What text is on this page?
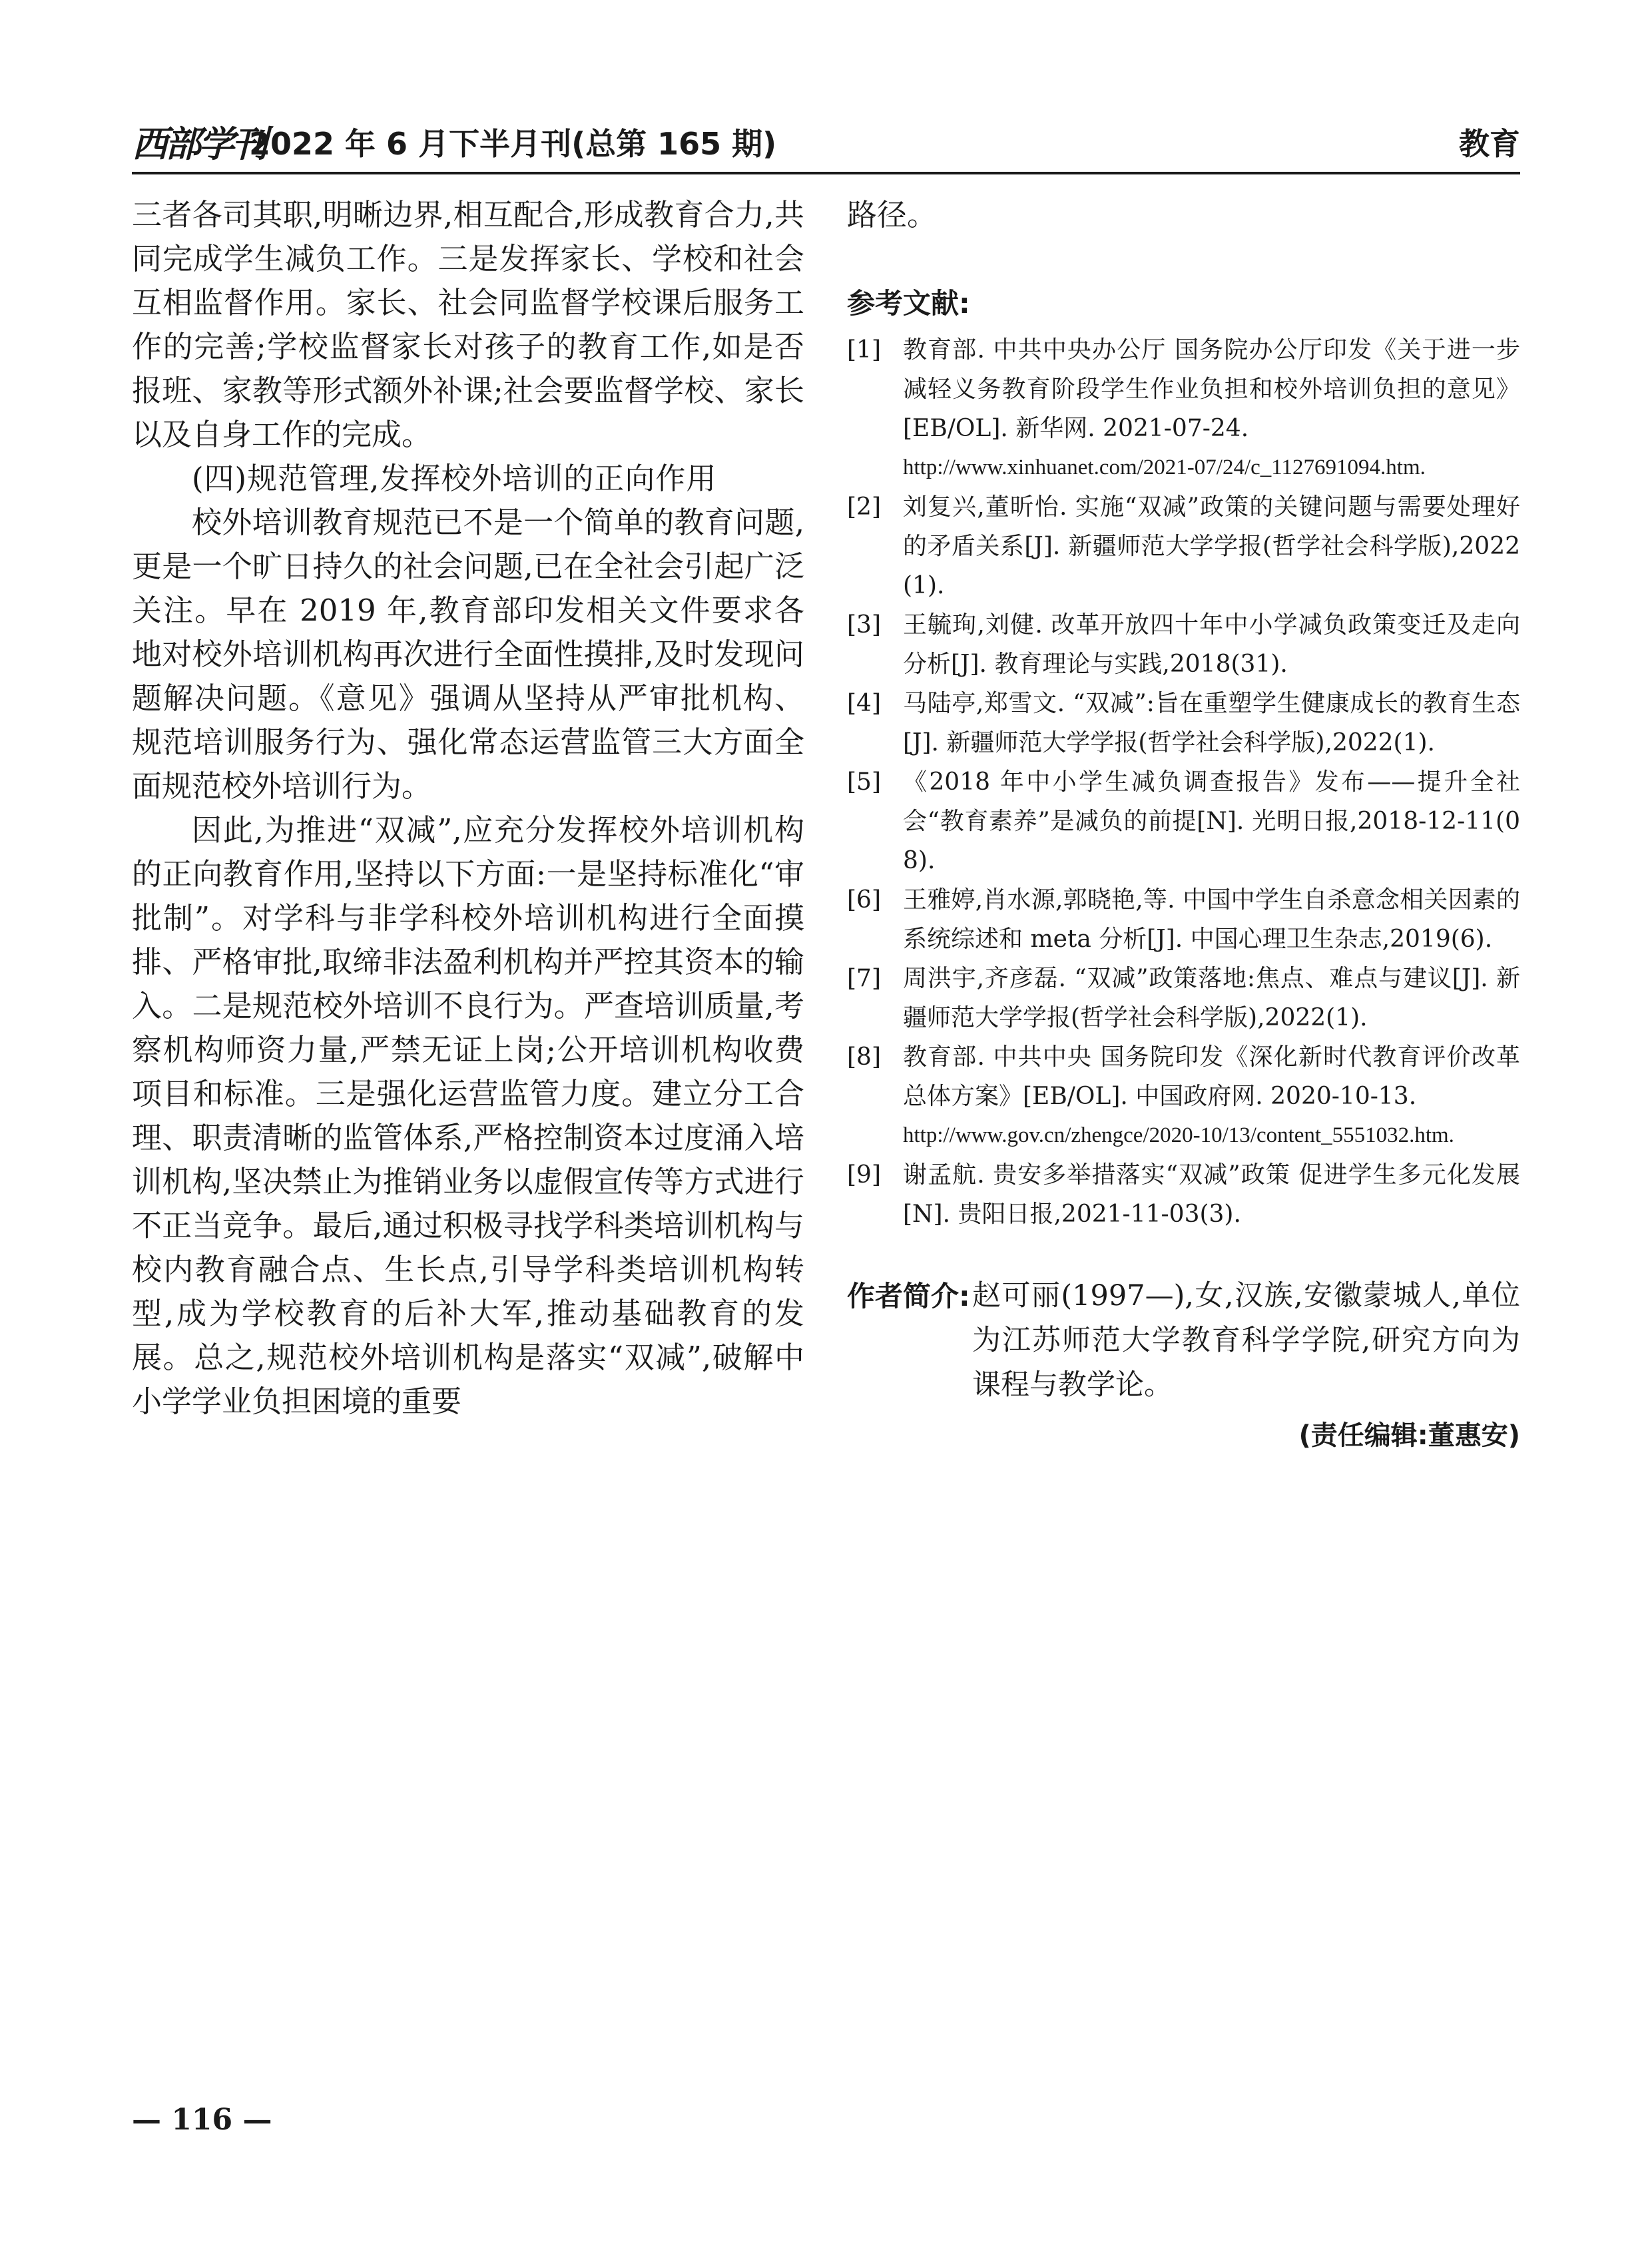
西部学刊
2022 年 6 月下半月刊(总第 165 期)	教育

三者各司其职,明晰边界,相互配合,形成教育合力,共同完成学生减负工作。三是发挥家长、学校和社会互相监督作用。家长、社会同监督学校课后服务工作的完善;学校监督家长对孩子的教育工作,如是否报班、家教等形式额外补课;社会要监督学校、家长以及自身工作的完成。

(四)规范管理,发挥校外培训的正向作用

校外培训教育规范已不是一个简单的教育问题,更是一个旷日持久的社会问题,已在全社会引起广泛关注。早在 2019 年,教育部印发相关文件要求各地对校外培训机构再次进行全面性摸排,及时发现问题解决问题。《意见》强调从坚持从严审批机构、规范培训服务行为、强化常态运营监管三大方面全面规范校外培训行为。

因此,为推进“双减”,应充分发挥校外培训机构的正向教育作用,坚持以下方面:一是坚持标准化“审批制”。对学科与非学科校外培训机构进行全面摸排、严格审批,取缔非法盈利机构并严控其资本的输入。二是规范校外培训不良行为。严查培训质量,考察机构师资力量,严禁无证上岗;公开培训机构收费项目和标准。三是强化运营监管力度。建立分工合理、职责清晰的监管体系,严格控制资本过度涌入培训机构,坚决禁止为推销业务以虚假宣传等方式进行不正当竞争。最后,通过积极寻找学科类培训机构与校内教育融合点、生长点,引导学科类培训机构转型,成为学校教育的后补大军,推动基础教育的发展。总之,规范校外培训机构是落实“双减”,破解中小学学业负担困境的重要

路径。

参考文献:
[1] 教育部. 中共中央办公厅 国务院办公厅印发《关于进一步减轻义务教育阶段学生作业负担和校外培训负担的意见》[EB/OL]. 新华网. 2021-07-24.
http://www.xinhuanet.com/2021-07/24/c_1127691094.htm.
[2] 刘复兴,董昕怡. 实施“双减”政策的关键问题与需要处理好的矛盾关系[J]. 新疆师范大学学报(哲学社会科学版),2022(1).
[3] 王毓珣,刘健. 改革开放四十年中小学减负政策变迁及走向分析[J]. 教育理论与实践,2018(31).
[4] 马陆亭,郑雪文. “双减”:旨在重塑学生健康成长的教育生态[J]. 新疆师范大学学报(哲学社会科学版),2022(1).
[5] 《2018 年中小学生减负调查报告》发布——提升全社会“教育素养”是减负的前提[N]. 光明日报,2018-12-11(08).
[6] 王雅婷,肖水源,郭晓艳,等. 中国中学生自杀意念相关因素的系统综述和 meta 分析[J]. 中国心理卫生杂志,2019(6).
[7] 周洪宇,齐彦磊. “双减”政策落地:焦点、难点与建议[J]. 新疆师范大学学报(哲学社会科学版),2022(1).
[8] 教育部. 中共中央 国务院印发《深化新时代教育评价改革总体方案》[EB/OL]. 中国政府网. 2020-10-13.
http://www.gov.cn/zhengce/2020-10/13/content_5551032.htm.
[9] 谢孟航. 贵安多举措落实“双减”政策 促进学生多元化发展[N]. 贵阳日报,2021-11-03(3).
作者简介: 赵可丽(1997—),女,汉族,安徽蒙城人,单位为江苏师范大学教育科学学院,研究方向为课程与教学论。
(责任编辑:董惠安)
— 116 —
